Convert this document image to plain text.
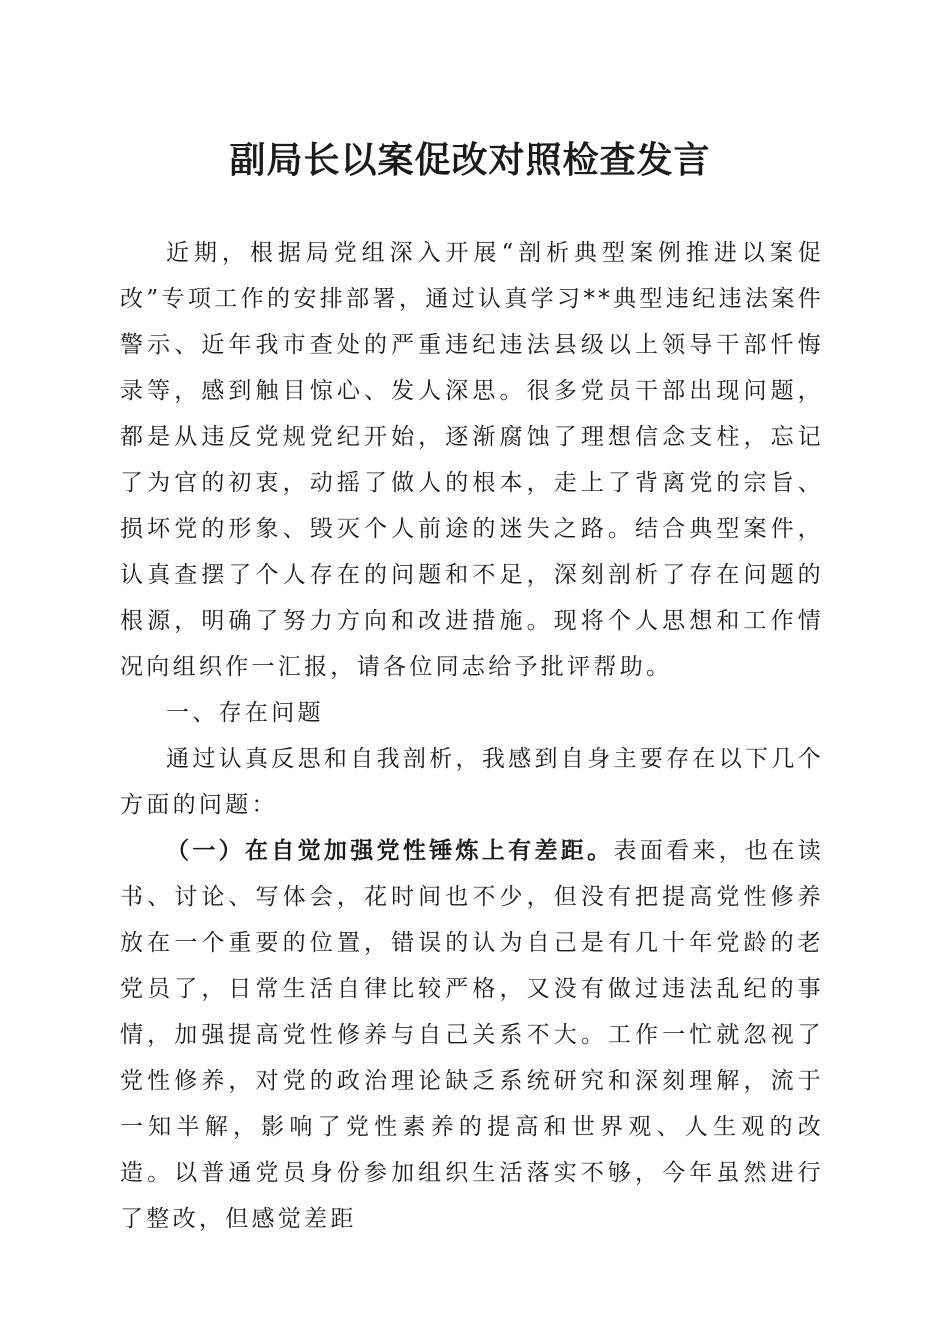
副局长以案促改对照检查发言

近期，根据局党组深入开展“剖析典型案例推进以案促改”专项工作的安排部署，通过认真学习**典型违纪违法案件警示、近年我市查处的严重违纪违法县级以上领导干部忏悔录等，感到触目惊心、发人深思。很多党员干部出现问题，都是从违反党规党纪开始，逐渐腐蚀了理想信念支柱，忘记了为官的初衷，动摇了做人的根本，走上了背离党的宗旨、损坏党的形象、毁灭个人前途的迷失之路。结合典型案件，认真查摆了个人存在的问题和不足，深刻剖析了存在问题的根源，明确了努力方向和改进措施。现将个人思想和工作情况向组织作一汇报，请各位同志给予批评帮助。

一、存在问题

通过认真反思和自我剖析，我感到自身主要存在以下几个方面的问题：

（一）在自觉加强党性锤炼上有差距。表面看来，也在读书、讨论、写体会，花时间也不少，但没有把提高党性修养放在一个重要的位置，错误的认为自己是有几十年党龄的老党员了，日常生活自律比较严格，又没有做过违法乱纪的事情，加强提高党性修养与自己关系不大。工作一忙就忽视了党性修养，对党的政治理论缺乏系统研究和深刻理解，流于一知半解，影响了党性素养的提高和世界观、人生观的改造。以普通党员身份参加组织生活落实不够，今年虽然进行了整改，但感觉差距
